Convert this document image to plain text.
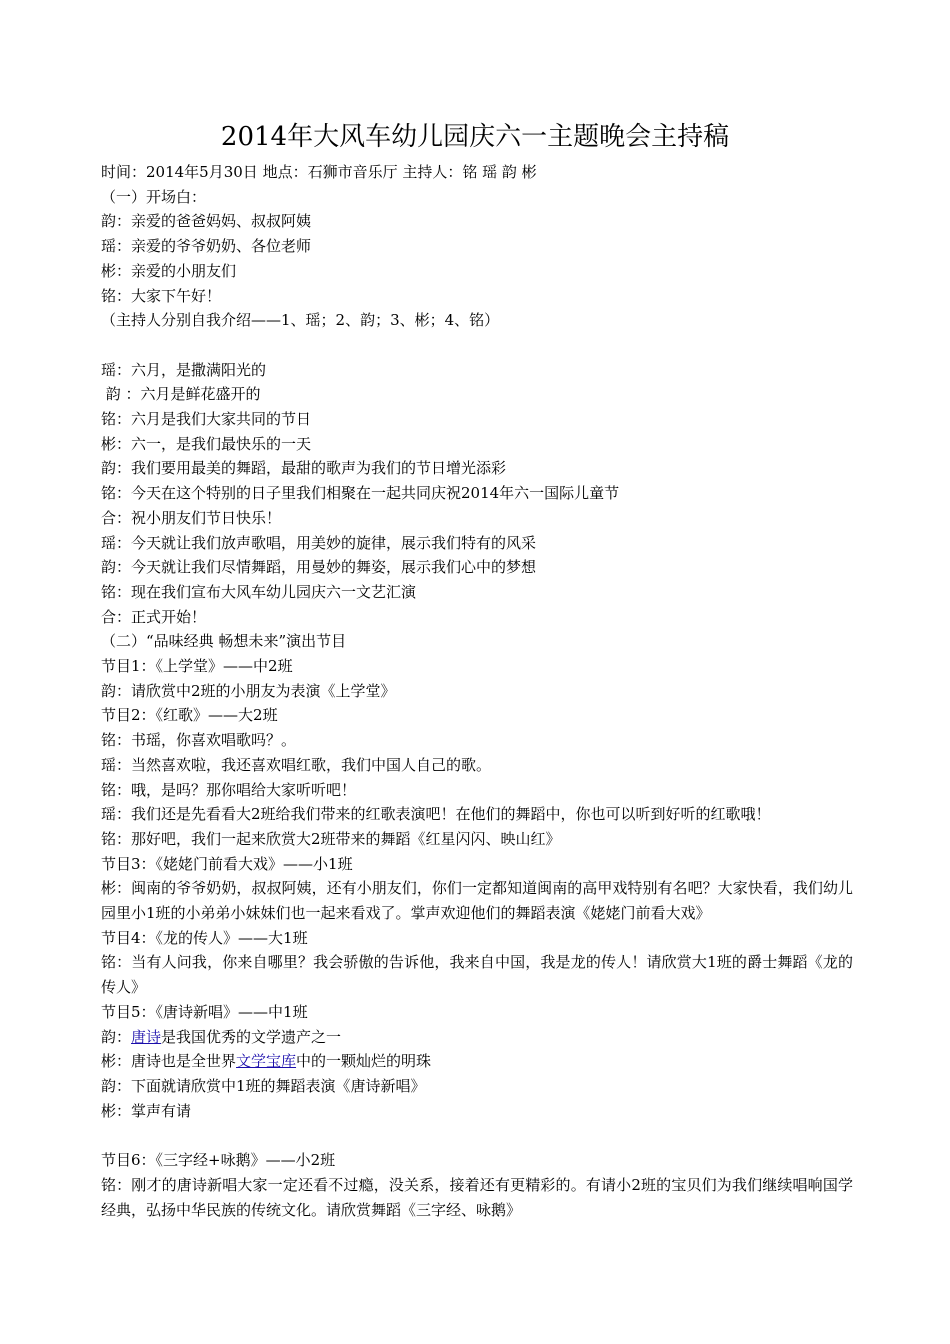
2014年大风车幼儿园庆六一主题晚会主持稿
时间：2014年5月30日 地点：石狮市音乐厅 主持人：铭 瑶 韵 彬
（一）开场白：
韵：亲爱的爸爸妈妈、叔叔阿姨
瑶：亲爱的爷爷奶奶、各位老师
彬：亲爱的小朋友们
铭：大家下午好！
（主持人分别自我介绍——1、瑶；2、韵；3、彬；4、铭）
瑶：六月，是撒满阳光的
韵 ：六月是鲜花盛开的
铭：六月是我们大家共同的节日
彬：六一，是我们最快乐的一天
韵：我们要用最美的舞蹈，最甜的歌声为我们的节日增光添彩
铭：今天在这个特别的日子里我们相聚在一起共同庆祝2014年六一国际儿童节
合：祝小朋友们节日快乐！
瑶：今天就让我们放声歌唱，用美妙的旋律，展示我们特有的风采
韵：今天就让我们尽情舞蹈，用曼妙的舞姿，展示我们心中的梦想
铭：现在我们宣布大风车幼儿园庆六一文艺汇演
合：正式开始！
（二）“品味经典 畅想未来”演出节目
节目1：《上学堂》——中2班
韵：请欣赏中2班的小朋友为表演《上学堂》
节目2：《红歌》——大2班
铭：书瑶，你喜欢唱歌吗？。
瑶：当然喜欢啦，我还喜欢唱红歌，我们中国人自己的歌。
铭：哦，是吗？那你唱给大家听听吧！
瑶：我们还是先看看大2班给我们带来的红歌表演吧！在他们的舞蹈中，你也可以听到好听的红歌哦！
铭：那好吧，我们一起来欣赏大2班带来的舞蹈《红星闪闪、映山红》
节目3：《姥姥门前看大戏》——小1班
彬：闽南的爷爷奶奶，叔叔阿姨，还有小朋友们，你们一定都知道闽南的高甲戏特别有名吧？大家快看，我们幼儿园里小1班的小弟弟小妹妹们也一起来看戏了。掌声欢迎他们的舞蹈表演《姥姥门前看大戏》
节目4：《龙的传人》——大1班
铭：当有人问我，你来自哪里？我会骄傲的告诉他，我来自中国，我是龙的传人！请欣赏大1班的爵士舞蹈《龙的传人》
节目5：《唐诗新唱》——中1班
韵：唐诗是我国优秀的文学遗产之一
彬：唐诗也是全世界文学宝库中的一颗灿烂的明珠
韵：下面就请欣赏中1班的舞蹈表演《唐诗新唱》
彬：掌声有请
节目6：《三字经+咏鹅》——小2班
铭：刚才的唐诗新唱大家一定还看不过瘾，没关系，接着还有更精彩的。有请小2班的宝贝们为我们继续唱响国学经典，弘扬中华民族的传统文化。请欣赏舞蹈《三字经、咏鹅》
